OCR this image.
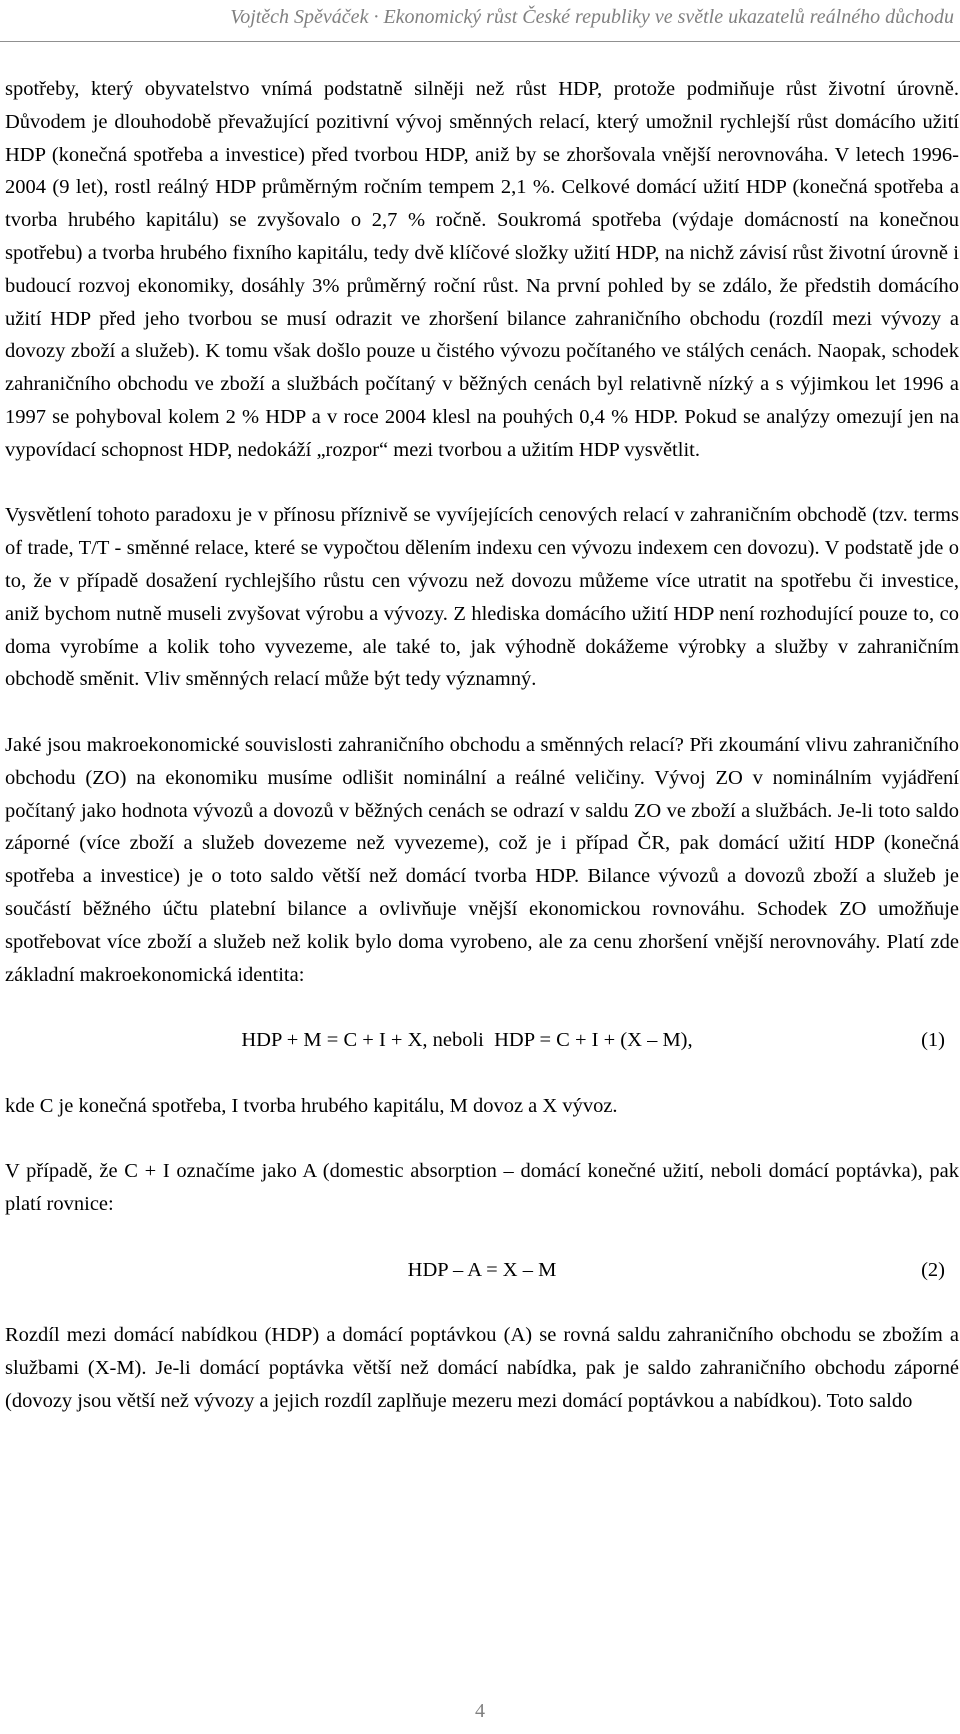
Vojtěch Spěváček · Ekonomický růst České republiky ve světle ukazatelů reálného důchodu

spotřeby, který obyvatelstvo vnímá podstatně silněji než růst HDP, protože podmiňuje růst životní úrovně. Důvodem je dlouhodobě převažující pozitivní vývoj směnných relací, který umožnil rychlejší růst domácího užití HDP (konečná spotřeba a investice) před tvorbou HDP, aniž by se zhoršovala vnější nerovnováha. V letech 1996-2004 (9 let), rostl reálný HDP průměrným ročním tempem 2,1 %. Celkové domácí užití HDP (konečná spotřeba a tvorba hrubého kapitálu) se zvyšovalo o 2,7 % ročně. Soukromá spotřeba (výdaje domácností na konečnou spotřebu) a tvorba hrubého fixního kapitálu, tedy dvě klíčové složky užití HDP, na nichž závisí růst životní úrovně i budoucí rozvoj ekonomiky, dosáhly 3% průměrný roční růst. Na první pohled by se zdálo, že předstih domácího užití HDP před jeho tvorbou se musí odrazit ve zhoršení bilance zahraničního obchodu (rozdíl mezi vývozy a dovozy zboží a služeb). K tomu však došlo pouze u čistého vývozu počítaného ve stálých cenách. Naopak, schodek zahraničního obchodu ve zboží a službách počítaný v běžných cenách byl relativně nízký a s výjimkou let 1996 a 1997 se pohyboval kolem 2 % HDP a v roce 2004 klesl na pouhých 0,4 % HDP. Pokud se analýzy omezují jen na vypovídací schopnost HDP, nedokáží „rozpor“ mezi tvorbou a užitím HDP vysvětlit.

Vysvětlení tohoto paradoxu je v přínosu příznivě se vyvíjejících cenových relací v zahraničním obchodě (tzv. terms of trade, T/T - směnné relace, které se vypočtou dělením indexu cen vývozu indexem cen dovozu). V podstatě jde o to, že v případě dosažení rychlejšího růstu cen vývozu než dovozu můžeme více utratit na spotřebu či investice, aniž bychom nutně museli zvyšovat výrobu a vývozy. Z hlediska domácího užití HDP není rozhodující pouze to, co doma vyrobíme a kolik toho vyvezeme, ale také to, jak výhodně dokážeme výrobky a služby v zahraničním obchodě směnit. Vliv směnných relací může být tedy významný.

Jaké jsou makroekonomické souvislosti zahraničního obchodu a směnných relací? Při zkoumání vlivu zahraničního obchodu (ZO) na ekonomiku musíme odlišit nominální a reálné veličiny. Vývoj ZO v nominálním vyjádření počítaný jako hodnota vývozů a dovozů v běžných cenách se odrazí v saldu ZO ve zboží a službách. Je-li toto saldo záporné (více zboží a služeb dovezeme než vyvezeme), což je i případ ČR, pak domácí užití HDP (konečná spotřeba a investice) je o toto saldo větší než domácí tvorba HDP. Bilance vývozů a dovozů zboží a služeb je součástí běžného účtu platební bilance a ovlivňuje vnější ekonomickou rovnováhu. Schodek ZO umožňuje spotřebovat více zboží a služeb než kolik bylo doma vyrobeno, ale za cenu zhoršení vnější nerovnováhy. Platí zde základní makroekonomická identita:

HDP + M = C + I + X, neboli  HDP = C + I + (X – M),	(1)

kde C je konečná spotřeba, I tvorba hrubého kapitálu, M dovoz a X vývoz.

V případě, že C + I označíme jako A (domestic absorption – domácí konečné užití, neboli domácí poptávka), pak platí rovnice:

HDP – A = X – M	(2)

Rozdíl mezi domácí nabídkou (HDP) a domácí poptávkou (A) se rovná saldu zahraničního obchodu se zbožím a službami (X-M). Je-li domácí poptávka větší než domácí nabídka, pak je saldo zahraničního obchodu záporné (dovozy jsou větší než vývozy a jejich rozdíl zaplňuje mezeru mezi domácí poptávkou a nabídkou). Toto saldo

4
